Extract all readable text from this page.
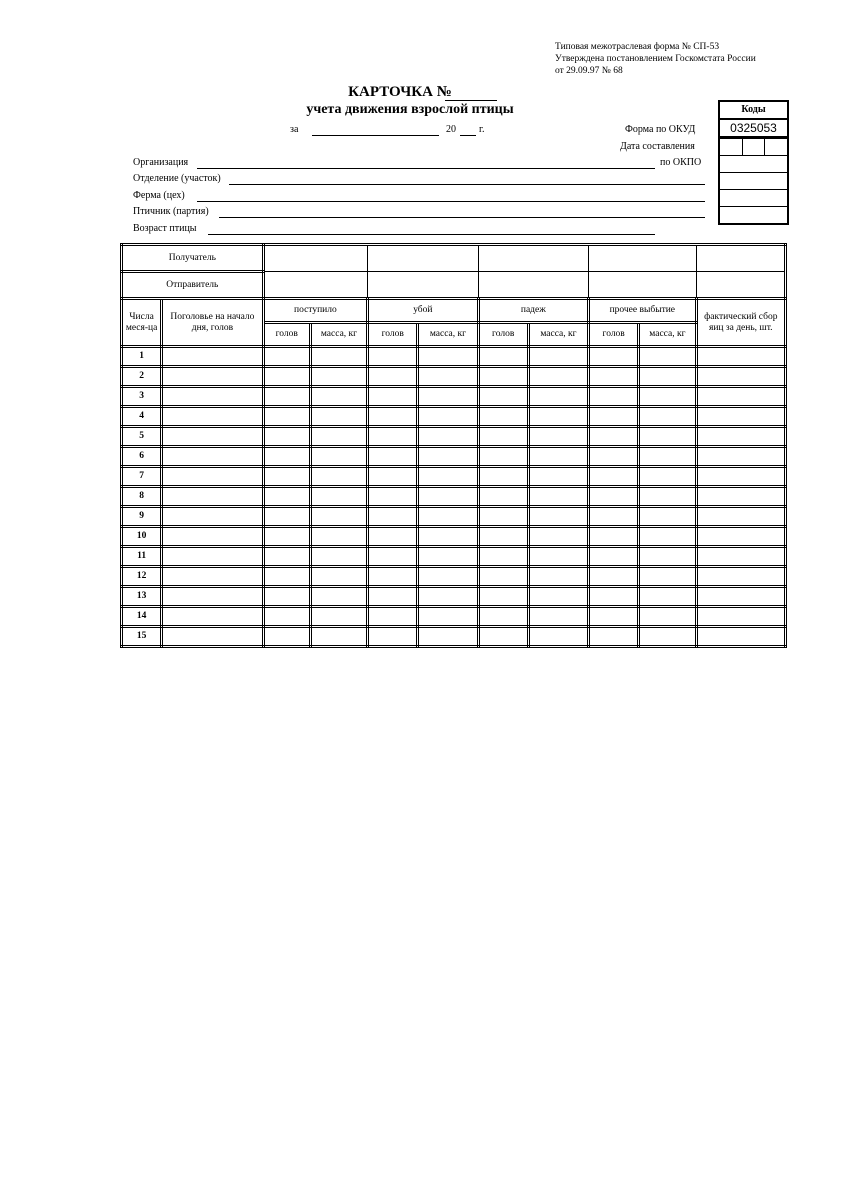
Типовая межотраслевая форма № СП-53
Утверждена постановлением Госкомстата России
от 29.09.97 № 68
КАРТОЧКА №
учета движения взрослой птицы
за	20 г.	Форма по ОКУД
Дата составления
по ОКПО
Коды
0325053
Организация
Отделение (участок)
Ферма (цех)
Птичник (партия)
Возраст птицы
Получатель										
Отправитель										
Числа меся-ца	Поголовье на начало дня, голов	поступило		убой		падеж		прочее выбытие		фактический сбор яиц за день, шт.
		голов	масса, кг	голов	масса, кг	голов	масса, кг	голов	масса, кг	
1										
2										
3										
4										
5										
6										
7										
8										
9										
10										
11										
12										
13										
14										
15										
